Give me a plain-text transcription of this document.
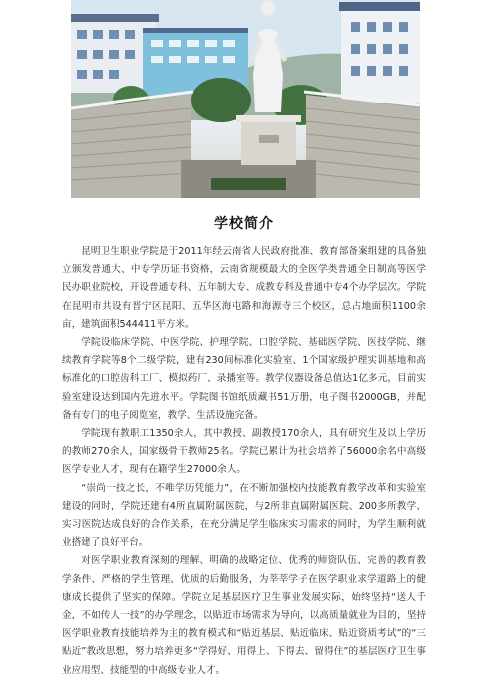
学校简介

昆明卫生职业学院是于2011年经云南省人民政府批准、教育部备案组建的具备独立颁发普通大、中专学历证书资格，云南省规模最大的全医学类普通全日制高等医学民办职业院校，开设普通专科、五年制大专、成教专科及普通中专4个办学层次。学院在昆明市共设有晋宁区昆阳、五华区海屯路和海源寺三个校区，总占地面积1100余亩，建筑面积544411平方米。

学院设临床学院、中医学院、护理学院、口腔学院、基础医学院、医技学院、继续教育学院等8个二级学院，建有230间标准化实验室、1个国家级护理实训基地和高标准化的口腔齿科工厂、模拟药厂、录播室等。教学仪器设备总值达1亿多元，目前实验室建设达到国内先进水平。学院图书馆纸质藏书51万册，电子图书2000GB，并配备有专门的电子阅览室，教学、生活设施完备。

学院现有教职工1350余人，其中教授、副教授170余人，具有研究生及以上学历的教师270余人，国家级骨干教师25名。学院已累计为社会培养了56000余名中高级医学专业人才，现有在籍学生27000余人。

“崇尚一技之长，不唯学历凭能力”，在不断加强校内技能教育教学改革和实验室建设的同时，学院还建有4所直属附属医院，与2所非直属附属医院、200多所教学、实习医院达成良好的合作关系，在充分满足学生临床实习需求的同时，为学生顺利就业搭建了良好平台。

对医学职业教育深刻的理解、明确的战略定位、优秀的师资队伍、完善的教育教学条件、严格的学生管理、优质的后勤服务，为莘莘学子在医学职业求学道路上的健康成长提供了坚实的保障。学院立足基层医疗卫生事业发展实际，始终坚持“送人千金，不如传人一技”的办学理念，以贴近市场需求为导向，以高质量就业为目的，坚持医学职业教育技能培养为主的教育模式和“贴近基层、贴近临床、贴近资质考试”的“三贴近”教改思想，努力培养更多“学得好、用得上、下得去、留得住”的基层医疗卫生事业应用型、技能型的中高级专业人才。
